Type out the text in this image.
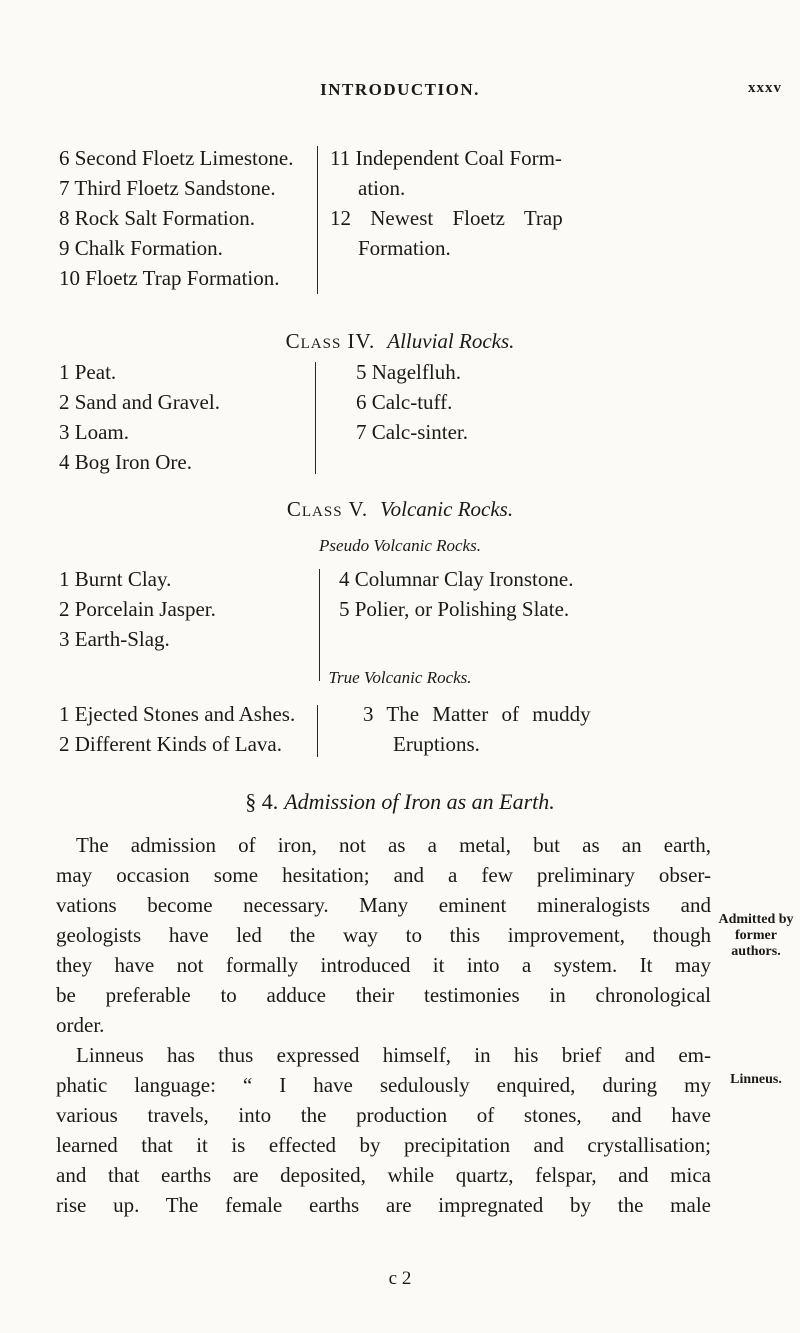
INTRODUCTION.	xxxv
6 Second Floetz Limestone.
7 Third Floetz Sandstone.
8 Rock Salt Formation.
9 Chalk Formation.
10 Floetz Trap Formation.
11 Independent Coal Form-
ation.
12 Newest Floetz Trap
Formation.
Class IV. Alluvial Rocks.
1 Peat.
2 Sand and Gravel.
3 Loam.
4 Bog Iron Ore.
5 Nagelfluh.
6 Calc-tuff.
7 Calc-sinter.
Class V. Volcanic Rocks.
Pseudo Volcanic Rocks.
1 Burnt Clay.
2 Porcelain Jasper.
3 Earth-Slag.
4 Columnar Clay Ironstone.
5 Polier, or Polishing Slate.
True Volcanic Rocks.
1 Ejected Stones and Ashes.
2 Different Kinds of Lava.
3 The Matter of muddy
Eruptions.
§ 4. Admission of Iron as an Earth.
The admission of iron, not as a metal, but as an earth,
may occasion some hesitation; and a few preliminary obser-
vations become necessary. Many eminent mineralogists and
geologists have led the way to this improvement, though
they have not formally introduced it into a system. It may
be preferable to adduce their testimonies in chronological
order.
Linneus has thus expressed himself, in his brief and em-
phatic language: “ I have sedulously enquired, during my
various travels, into the production of stones, and have
learned that it is effected by precipitation and crystallisation;
and that earths are deposited, while quartz, felspar, and mica
rise up. The female earths are impregnated by the male
Admitted by former authors.
Linneus.
c 2
